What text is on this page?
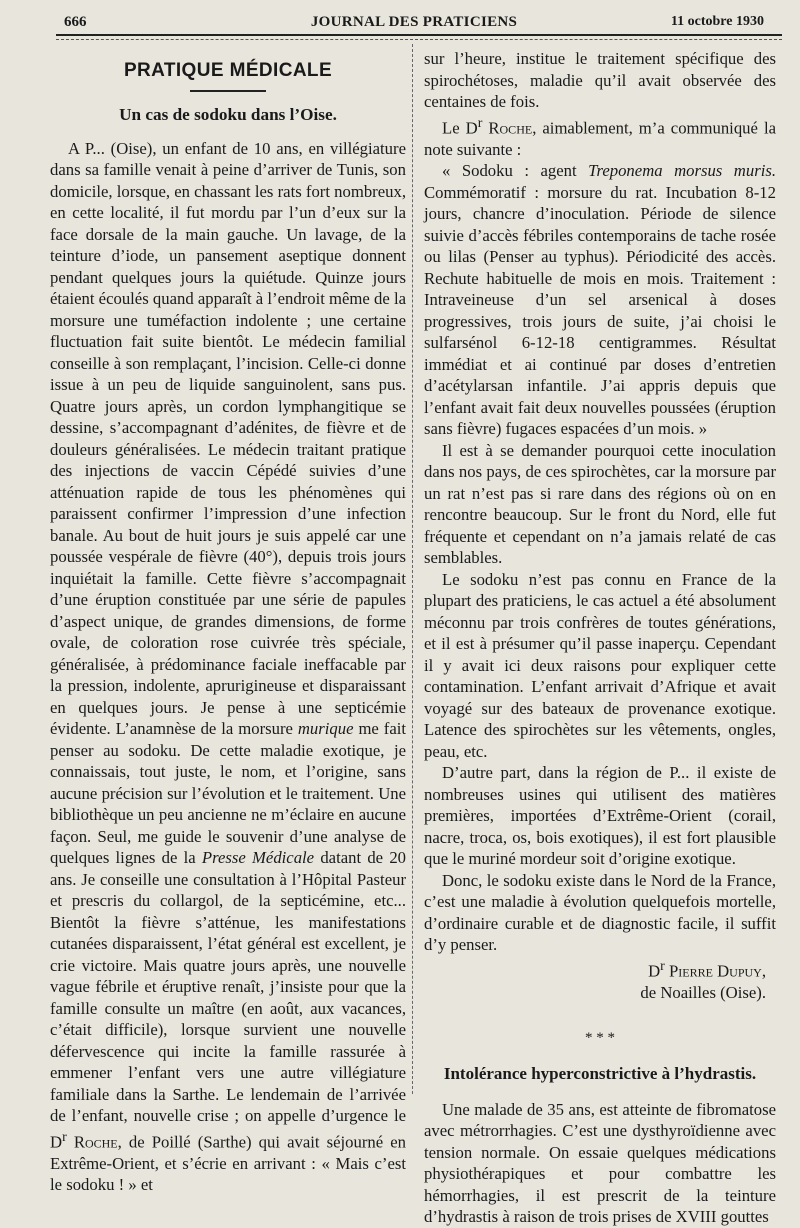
666	JOURNAL DES PRATICIENS	11 octobre 1930
PRATIQUE MÉDICALE
Un cas de sodoku dans l’Oise.

A P... (Oise), un enfant de 10 ans, en villégiature dans sa famille venait à peine d’arriver de Tunis, son domicile, lorsque, en chassant les rats fort nombreux, en cette localité, il fut mordu par l’un d’eux sur la face dorsale de la main gauche. Un lavage, de la teinture d’iode, un pansement aseptique donnent pendant quelques jours la quiétude. Quinze jours étaient écoulés quand apparaît à l’endroit même de la morsure une tuméfaction indolente ; une certaine fluctuation fait suite bientôt. Le médecin familial conseille à son remplaçant, l’incision. Celle-ci donne issue à un peu de liquide sanguinolent, sans pus. Quatre jours après, un cordon lymphangitique se dessine, s’accompagnant d’adénites, de fièvre et de douleurs généralisées. Le médecin traitant pratique des injections de vaccin Cépédé suivies d’une atténuation rapide de tous les phénomènes qui paraissent confirmer l’impression d’une infection banale. Au bout de huit jours je suis appelé car une poussée vespérale de fièvre (40°), depuis trois jours inquiétait la famille. Cette fièvre s’accompagnait d’une éruption constituée par une série de papules d’aspect unique, de grandes dimensions, de forme ovale, de coloration rose cuivrée très spéciale, généralisée, à prédominance faciale ineffacable par la pression, indolente, aprurigineuse et disparaissant en quelques jours. Je pense à une septicémie évidente. L’anamnèse de la morsure murique me fait penser au sodoku. De cette maladie exotique, je connaissais, tout juste, le nom, et l’origine, sans aucune précision sur l’évolution et le traitement. Une bibliothèque un peu ancienne ne m’éclaire en aucune façon. Seul, me guide le souvenir d’une analyse de quelques lignes de la Presse Médicale datant de 20 ans. Je conseille une consultation à l’Hôpital Pasteur et prescris du collargol, de la septicémine, etc... Bientôt la fièvre s’atténue, les manifestations cutanées disparaissent, l’état général est excellent, je crie victoire. Mais quatre jours après, une nouvelle vague fébrile et éruptive renaît, j’insiste pour que la famille consulte un maître (en août, aux vacances, c’était difficile), lorsque survient une nouvelle défervescence qui incite la famille rassurée à emmener l’enfant vers une autre villégiature familiale dans la Sarthe. Le lendemain de l’arrivée de l’enfant, nouvelle crise ; on appelle d’urgence le $D^r$ Roche, de Poillé (Sarthe) qui avait séjourné en Extrême-Orient, et s’écrie en arrivant : « Mais c’est le sodoku ! » et

sur l’heure, institue le traitement spécifique des spirochétoses, maladie qu’il avait observée des centaines de fois.

Le $D^r$ Roche, aimablement, m’a communiqué la note suivante :

« Sodoku : agent Treponema morsus muris. Commémoratif : morsure du rat. Incubation 8-12 jours, chancre d’inoculation. Période de silence suivie d’accès fébriles contemporains de tache rosée ou lilas (Penser au typhus). Périodicité des accès. Rechute habituelle de mois en mois. Traitement : Intraveineuse d’un sel arsenical à doses progressives, trois jours de suite, j’ai choisi le sulfarsénol 6-12-18 centigrammes. Résultat immédiat et ai continué par doses d’entretien d’acétylarsan infantile. J’ai appris depuis que l’enfant avait fait deux nouvelles poussées (éruption sans fièvre) fugaces espacées d’un mois. »

Il est à se demander pourquoi cette inoculation dans nos pays, de ces spirochètes, car la morsure par un rat n’est pas si rare dans des régions où on en rencontre beaucoup. Sur le front du Nord, elle fut fréquente et cependant on n’a jamais relaté de cas semblables.

Le sodoku n’est pas connu en France de la plupart des praticiens, le cas actuel a été absolument méconnu par trois confrères de toutes générations, et il est à présumer qu’il passe inaperçu. Cependant il y avait ici deux raisons pour expliquer cette contamination. L’enfant arrivait d’Afrique et avait voyagé sur des bateaux de provenance exotique. Latence des spirochètes sur les vêtements, ongles, peau, etc.

D’autre part, dans la région de P... il existe de nombreuses usines qui utilisent des matières premières, importées d’Extrême-Orient (corail, nacre, troca, os, bois exotiques), il est fort plausible que le muriné mordeur soit d’origine exotique.

Donc, le sodoku existe dans le Nord de la France, c’est une maladie à évolution quelquefois mortelle, d’ordinaire curable et de diagnostic facile, il suffit d’y penser.

$D^r$ Pierre Dupuy,

de Noailles (Oise).

* * *
Intolérance hyperconstrictive à l’hydrastis.

Une malade de 35 ans, est atteinte de fibromatose avec métrorrhagies. C’est une dysthyroïdienne avec tension normale. On essaie quelques médications physiothérapiques et pour combattre les hémorrhagies, il est prescrit de la teinture d’hydrastis à raison de trois prises de XVIII gouttes
